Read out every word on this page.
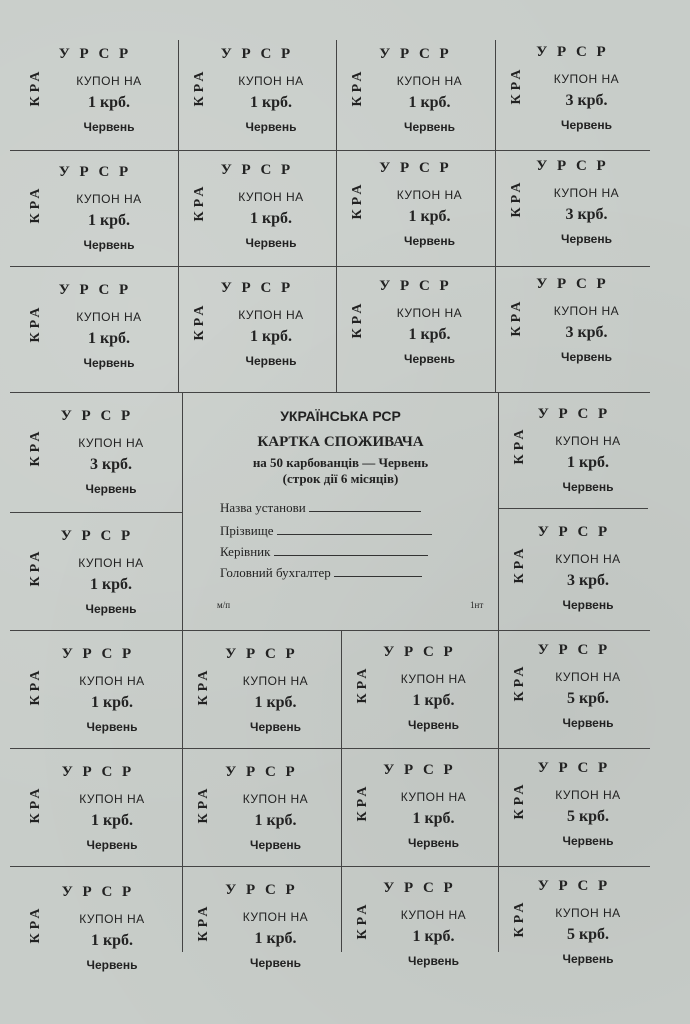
У Р С Р
КРА	КУПОН НА
1 крб.
Червень
У Р С Р
КРА	КУПОН НА
1 крб.
Червень
У Р С Р
КРА	КУПОН НА
1 крб.
Червень
У Р С Р
КРА	КУПОН НА
3 крб.
Червень
У Р С Р
КРА	КУПОН НА
1 крб.
Червень
У Р С Р
КРА	КУПОН НА
1 крб.
Червень
У Р С Р
КРА	КУПОН НА
1 крб.
Червень
У Р С Р
КРА	КУПОН НА
3 крб.
Червень
У Р С Р
КРА	КУПОН НА
1 крб.
Червень
У Р С Р
КРА	КУПОН НА
1 крб.
Червень
У Р С Р
КРА	КУПОН НА
1 крб.
Червень
У Р С Р
КРА	КУПОН НА
3 крб.
Червень
У Р С Р
КРА	КУПОН НА
3 крб.
Червень
У Р С Р
КРА	КУПОН НА
1 крб.
Червень
У Р С Р
КРА	КУПОН НА
1 крб.
Червень
У Р С Р
КРА	КУПОН НА
3 крб.
Червень
У Р С Р
КРА	КУПОН НА
1 крб.
Червень
У Р С Р
КРА	КУПОН НА
1 крб.
Червень
У Р С Р
КРА	КУПОН НА
1 крб.
Червень
У Р С Р
КРА	КУПОН НА
5 крб.
Червень
У Р С Р
КРА	КУПОН НА
1 крб.
Червень
У Р С Р
КРА	КУПОН НА
1 крб.
Червень
У Р С Р
КРА	КУПОН НА
1 крб.
Червень
У Р С Р
КРА	КУПОН НА
5 крб.
Червень
У Р С Р
КРА	КУПОН НА
1 крб.
Червень
У Р С Р
КРА	КУПОН НА
1 крб.
Червень
У Р С Р
КРА	КУПОН НА
1 крб.
Червень
У Р С Р
КРА	КУПОН НА
5 крб.
Червень
УКРАЇНСЬКА РСР
КАРТКА СПОЖИВАЧА
на 50 карбованців — Червень
(строк дії 6 місяців)
Назва установи
Прізвище
Керівник
Головний бухгалтер
м/п	1нт
